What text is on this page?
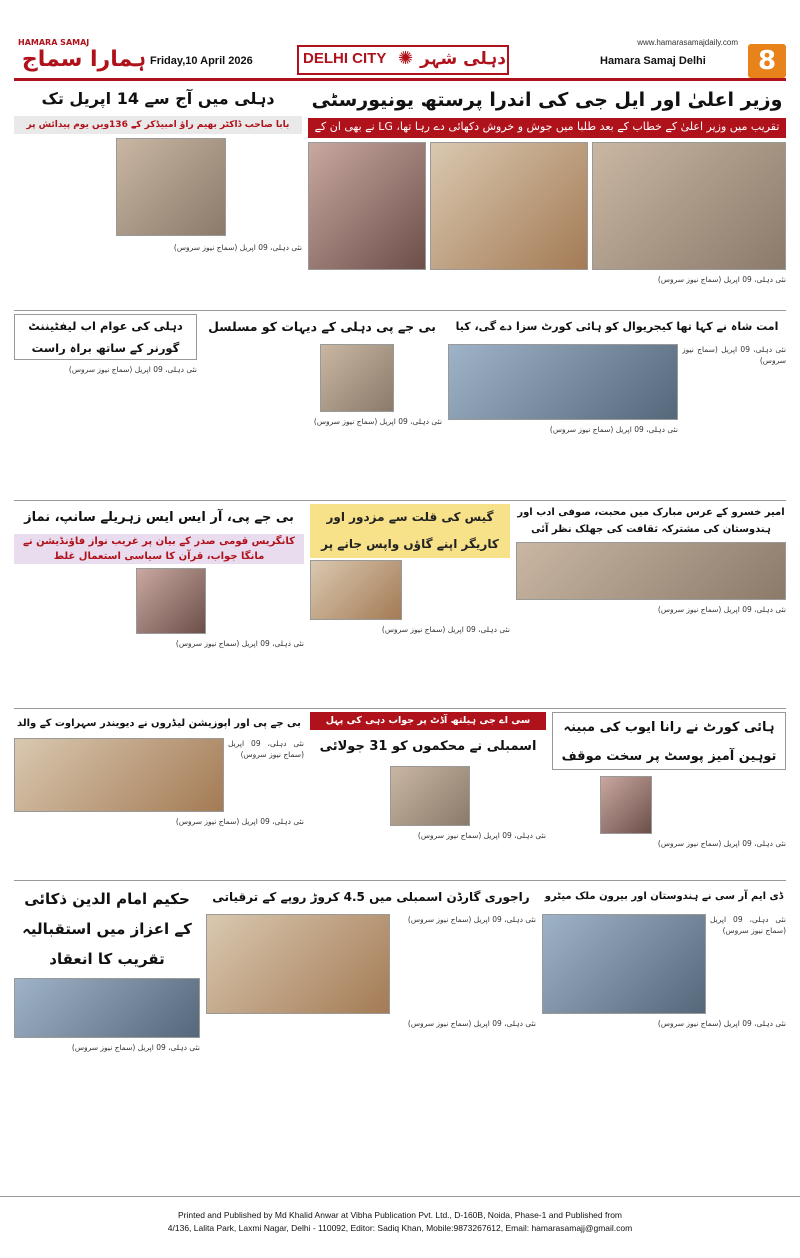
HAMARA SAMAJ
ہمارا سماج Friday,10 April 2026	DELHI CITY ✺ دہلی شہر
www.hamarasamajdaily.com
Hamara Samaj Delhi	8
وزیر اعلیٰ اور ایل جی کی اندرا پرستھ یونیورسٹی
تقریب میں وزیر اعلیٰ کے خطاب کے بعد طلبا میں جوش و خروش دکھائی دے رہا تھا، LG نے بھی ان کے
نئی دہلی، 09 اپریل (سماج نیوز سروس)
دہلی میں آج سے 14 اپریل تک
بابا صاحب ڈاکٹر بھیم راؤ امبیڈکر کے 136ویں یوم پیدائش پر
نئی دہلی، 09 اپریل (سماج نیوز سروس)
دہلی کی عوام اب لیفٹیننٹ گورنر کے ساتھ براہ راست
نئی دہلی، 09 اپریل (سماج نیوز سروس)
بی جے پی دہلی کے دیہات کو مسلسل
نئی دہلی، 09 اپریل (سماج نیوز سروس)
امت شاہ نے کہا تھا کیجریوال کو ہائی کورٹ سزا دے گی، کیا
نئی دہلی، 09 اپریل (سماج نیوز سروس)
نئی دہلی، 09 اپریل (سماج نیوز سروس)
بی جے پی، آر ایس ایس زہریلے سانپ، نماز
کانگریس قومی صدر کے بیان پر غریب نواز فاؤنڈیشن نے مانگا جواب، قرآن کا سیاسی استعمال غلط
نئی دہلی، 09 اپریل (سماج نیوز سروس)
گیس کی قلت سے مزدور اور کاریگر اپنے گاؤں واپس جانے پر
نئی دہلی، 09 اپریل (سماج نیوز سروس)
امیر خسرو کے عرس مبارک میں محبت، صوفی ادب اور ہندوستان کی مشترکہ ثقافت کی جھلک نظر آئی
نئی دہلی، 09 اپریل (سماج نیوز سروس)
بی جے پی اور اپوزیشن لیڈروں نے دیویندر سہراوت کے والد
نئی دہلی، 09 اپریل (سماج نیوز سروس)
نئی دہلی، 09 اپریل (سماج نیوز سروس)
سی اے جی ہیلتھ آڈٹ پر جواب دہی کی پہل
اسمبلی نے محکموں کو 31 جولائی
نئی دہلی، 09 اپریل (سماج نیوز سروس)
ہائی کورٹ نے رانا ایوب کی مبینہ توہین آمیز پوسٹ پر سخت موقف
نئی دہلی، 09 اپریل (سماج نیوز سروس)
حکیم امام الدین ذکائی کے اعزاز میں استقبالیہ تقریب کا انعقاد
نئی دہلی، 09 اپریل (سماج نیوز سروس)
راجوری گارڈن اسمبلی میں 4.5 کروڑ روپے کے ترقیاتی
نئی دہلی، 09 اپریل (سماج نیوز سروس)
نئی دہلی، 09 اپریل (سماج نیوز سروس)
ڈی ایم آر سی نے ہندوستان اور بیرون ملک میٹرو
نئی دہلی، 09 اپریل (سماج نیوز سروس)
نئی دہلی، 09 اپریل (سماج نیوز سروس)
Printed and Published by Md Khalid Anwar at Vibha Publication Pvt. Ltd., D-160B, Noida, Phase-1 and Published from
4/136, Lalita Park, Laxmi Nagar, Delhi - 110092, Editor: Sadiq Khan, Mobile:9873267612, Email: hamarasamajj@gmail.com
